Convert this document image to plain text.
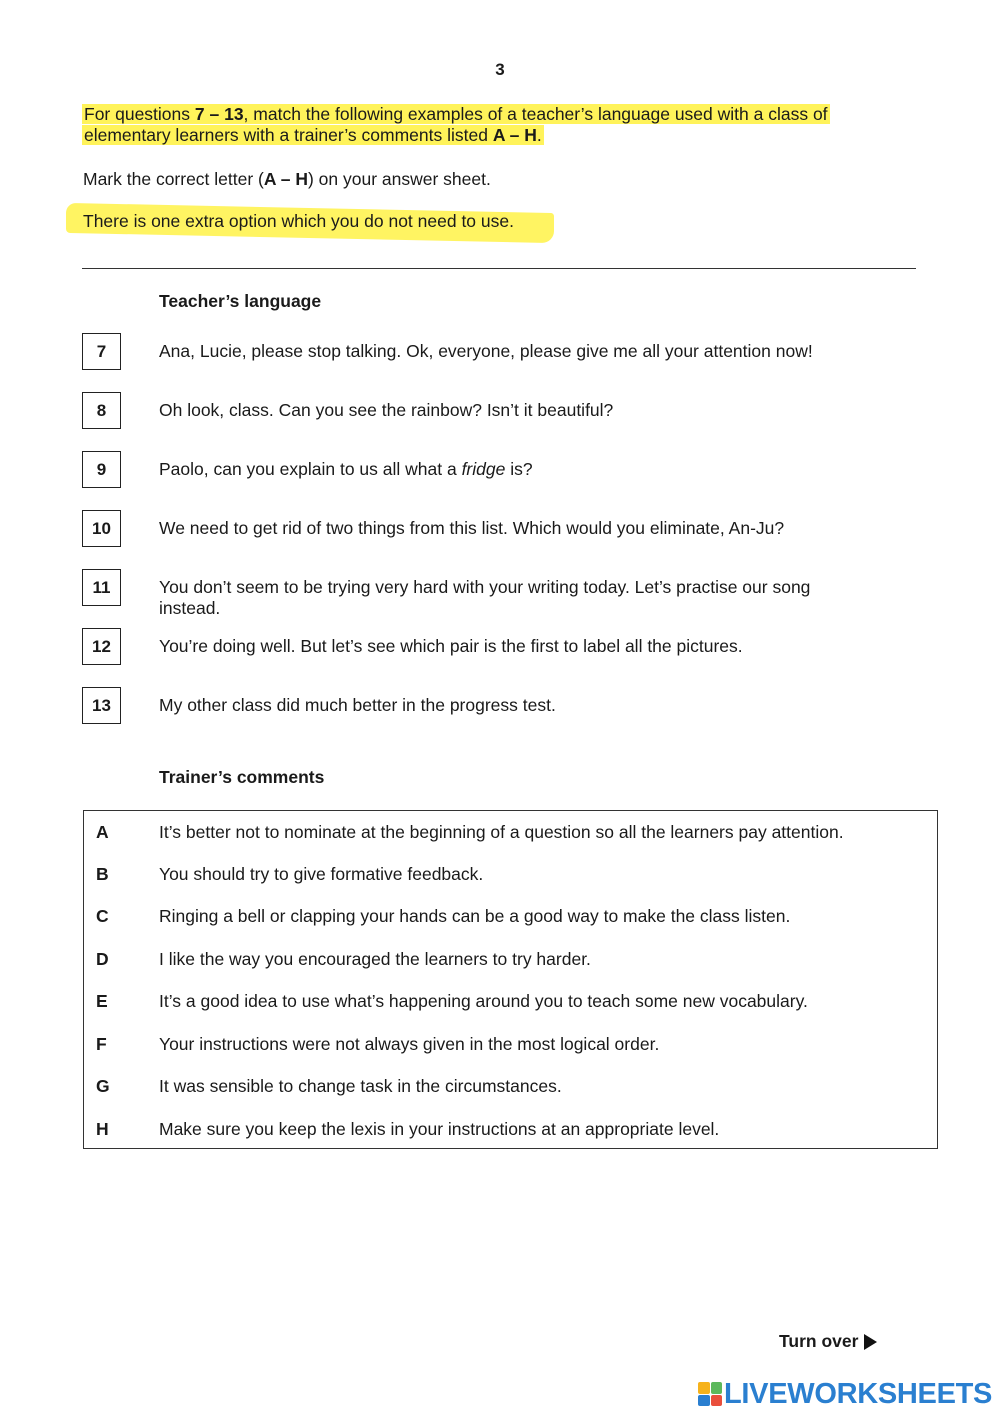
3
For questions 7 – 13, match the following examples of a teacher’s language used with a class of
elementary learners with a trainer’s comments listed A – H.
Mark the correct letter (A – H) on your answer sheet.
There is one extra option which you do not need to use.
Teacher’s language
7	Ana, Lucie, please stop talking. Ok, everyone, please give me all your attention now!
8	Oh look, class. Can you see the rainbow? Isn’t it beautiful?
9	Paolo, can you explain to us all what a fridge is?
10	We need to get rid of two things from this list. Which would you eliminate, An-Ju?
11	You don’t seem to be trying very hard with your writing today. Let’s practise our song instead.
12	You’re doing well. But let’s see which pair is the first to label all the pictures.
13	My other class did much better in the progress test.
Trainer’s comments
A	It’s better not to nominate at the beginning of a question so all the learners pay attention.
B	You should try to give formative feedback.
C	Ringing a bell or clapping your hands can be a good way to make the class listen.
D	I like the way you encouraged the learners to try harder.
E	It’s a good idea to use what’s happening around you to teach some new vocabulary.
F	Your instructions were not always given in the most logical order.
G	It was sensible to change task in the circumstances.
H	Make sure you keep the lexis in your instructions at an appropriate level.
Turn over
LIVEWORKSHEETS
